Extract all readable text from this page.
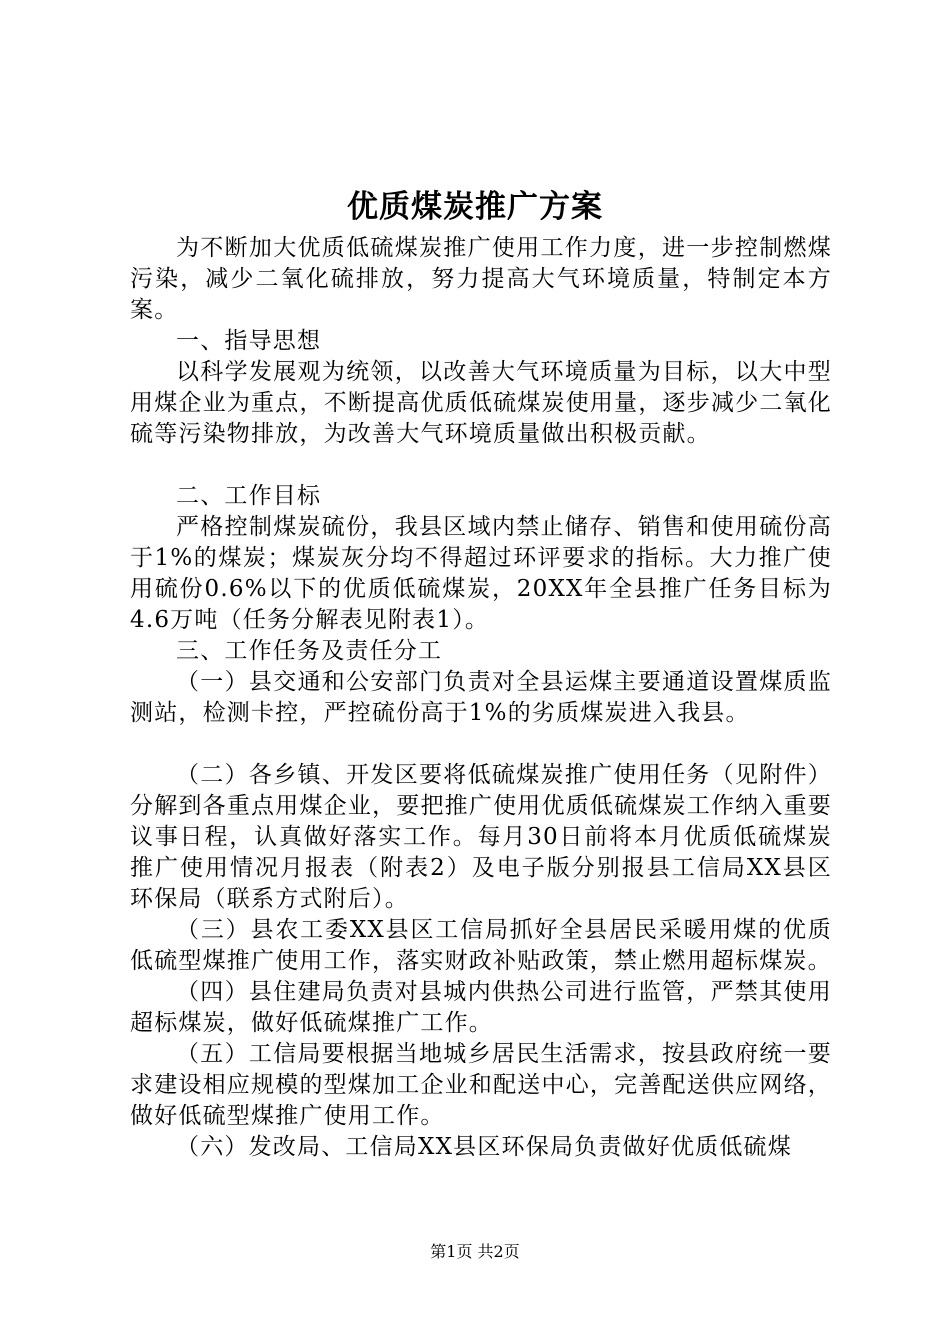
优质煤炭推广方案

为不断加大优质低硫煤炭推广使用工作力度，进一步控制燃煤污染，减少二氧化硫排放，努力提高大气环境质量，特制定本方案。

一、指导思想

以科学发展观为统领，以改善大气环境质量为目标，以大中型用煤企业为重点，不断提高优质低硫煤炭使用量，逐步减少二氧化硫等污染物排放，为改善大气环境质量做出积极贡献。

二、工作目标

严格控制煤炭硫份，我县区域内禁止储存、销售和使用硫份高于1%的煤炭；煤炭灰分均不得超过环评要求的指标。大力推广使用硫份0.6%以下的优质低硫煤炭，20XX年全县推广任务目标为4.6万吨（任务分解表见附表1）。

三、工作任务及责任分工

（一）县交通和公安部门负责对全县运煤主要通道设置煤质监测站，检测卡控，严控硫份高于1%的劣质煤炭进入我县。

（二）各乡镇、开发区要将低硫煤炭推广使用任务（见附件）分解到各重点用煤企业，要把推广使用优质低硫煤炭工作纳入重要议事日程，认真做好落实工作。每月30日前将本月优质低硫煤炭推广使用情况月报表（附表2）及电子版分别报县工信局XX县区环保局（联系方式附后）。

（三）县农工委XX县区工信局抓好全县居民采暖用煤的优质低硫型煤推广使用工作，落实财政补贴政策，禁止燃用超标煤炭。

（四）县住建局负责对县城内供热公司进行监管，严禁其使用超标煤炭，做好低硫煤推广工作。

（五）工信局要根据当地城乡居民生活需求，按县政府统一要求建设相应规模的型煤加工企业和配送中心，完善配送供应网络，做好低硫型煤推广使用工作。

（六）发改局、工信局XX县区环保局负责做好优质低硫煤

第1页 共2页
